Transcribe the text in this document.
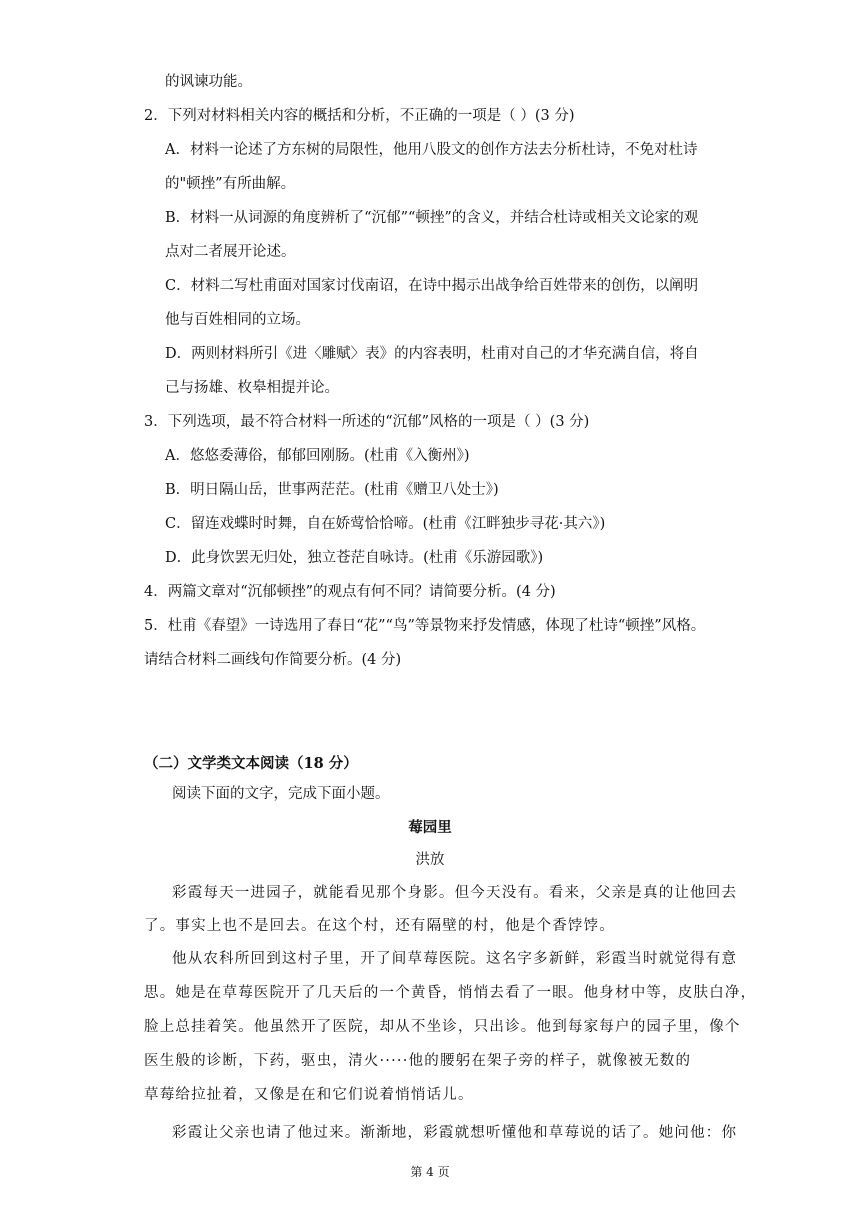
的讽谏功能。
2．下列对材料相关内容的概括和分析，不正确的一项是（ ）(3 分)
A．材料一论述了方东树的局限性，他用八股文的创作方法去分析杜诗，不免对杜诗
的"顿挫”有所曲解。
B．材料一从词源的角度辨析了“沉郁”“顿挫”的含义，并结合杜诗或相关文论家的观
点对二者展开论述。
C．材料二写杜甫面对国家讨伐南诏，在诗中揭示出战争给百姓带来的创伤，以阐明
他与百姓相同的立场。
D．两则材料所引《进〈雕赋〉表》的内容表明，杜甫对自己的才华充满自信，将自
己与扬雄、枚皋相提并论。
3．下列选项，最不符合材料一所述的“沉郁”风格的一项是（ ）(3 分)
A．悠悠委薄俗，郁郁回刚肠。(杜甫《入衡州》)
B．明日隔山岳，世事两茫茫。(杜甫《赠卫八处士》)
C．留连戏蝶时时舞，自在娇莺恰恰啼。(杜甫《江畔独步寻花·其六》)
D．此身饮罢无归处，独立苍茫自咏诗。(杜甫《乐游园歌》)
4．两篇文章对“沉郁顿挫”的观点有何不同？请简要分析。(4 分)
5．杜甫《春望》一诗选用了春日“花”“鸟”等景物来抒发情感，体现了杜诗“顿挫”风格。
请结合材料二画线句作简要分析。(4 分)
（二）文学类文本阅读（18 分）
阅读下面的文字，完成下面小题。
莓园里
洪放
彩霞每天一进园子，就能看见那个身影。但今天没有。看来，父亲是真的让他回去
了。事实上也不是回去。在这个村，还有隔壁的村，他是个香饽饽。
他从农科所回到这村子里，开了间草莓医院。这名字多新鲜，彩霞当时就觉得有意
思。她是在草莓医院开了几天后的一个黄昏，悄悄去看了一眼。他身材中等，皮肤白净，
脸上总挂着笑。他虽然开了医院，却从不坐诊，只出诊。他到每家每户的园子里，像个
医生般的诊断，下药，驱虫，清火·····他的腰躬在架子旁的样子，就像被无数的
草莓给拉扯着，又像是在和它们说着悄悄话儿。
彩霞让父亲也请了他过来。渐渐地，彩霞就想听懂他和草莓说的话了。她问他：你
第 4 页
